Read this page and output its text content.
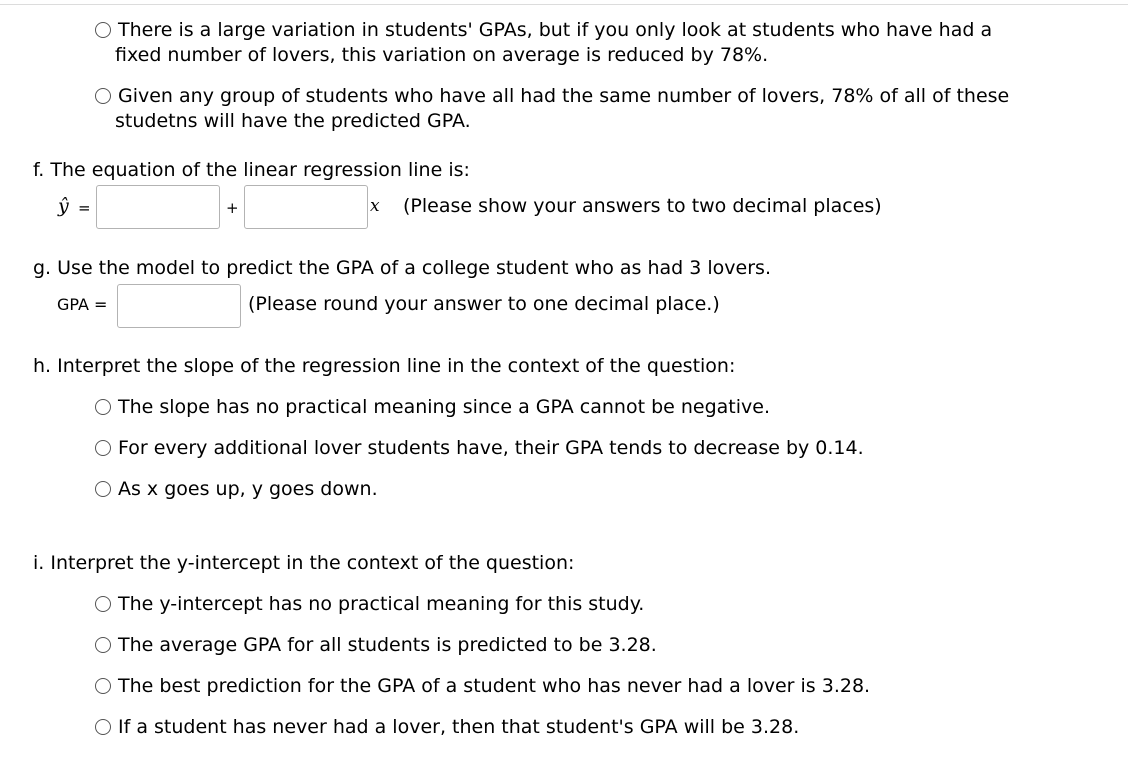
There is a large variation in students' GPAs, but if you only look at students who have had a
fixed number of lovers, this variation on average is reduced by 78%.
Given any group of students who have all had the same number of lovers, 78% of all of these
studetns will have the predicted GPA.
f. The equation of the linear regression line is:
ŷ =	+	x (Please show your answers to two decimal places)
g. Use the model to predict the GPA of a college student who as had 3 lovers.
GPA =	(Please round your answer to one decimal place.)
h. Interpret the slope of the regression line in the context of the question:
The slope has no practical meaning since a GPA cannot be negative.
For every additional lover students have, their GPA tends to decrease by 0.14.
As x goes up, y goes down.
i. Interpret the y-intercept in the context of the question:
The y-intercept has no practical meaning for this study.
The average GPA for all students is predicted to be 3.28.
The best prediction for the GPA of a student who has never had a lover is 3.28.
If a student has never had a lover, then that student's GPA will be 3.28.
